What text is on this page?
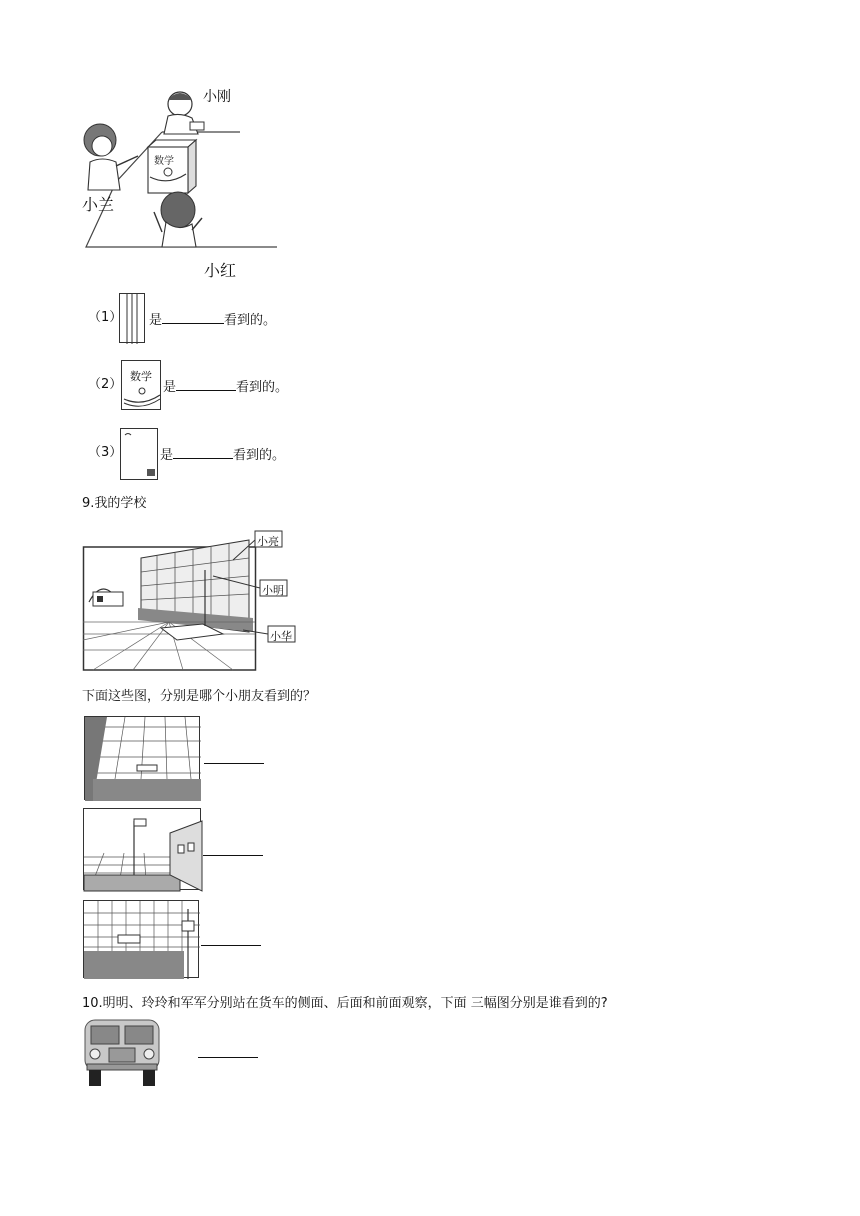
小刚
小兰
数学
小红
（1） 是	看到的。
（2）
数学
是	看到的。
（3）	是	看到的。
9.我的学校
小亮
小明
小华
下面这些图，分别是哪个小朋友看到的？
10.明明、玲玲和军军分别站在货车的侧面、后面和前面观察，下面 三幅图分别是谁看到的?
